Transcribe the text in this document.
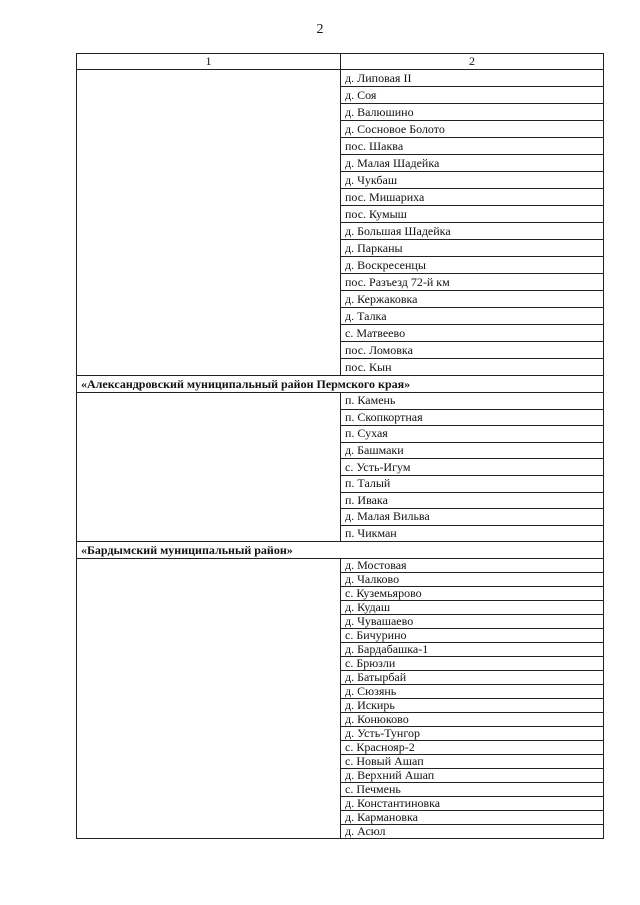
2
1	2
	д. Липовая II
	д. Соя
	д. Валюшино
	д. Сосновое Болото
	пос. Шаква
	д. Малая Шадейка
	д. Чукбаш
	пос. Мишариха
	пос. Кумыш
	д. Большая Шадейка
	д. Парканы
	д. Воскресенцы
	пос. Разъезд 72-й км
	д. Кержаковка
	д. Талка
	с. Матвеево
	пос. Ломовка
	пос. Кын
«Александровский муниципальный район Пермского края»	
	п. Камень
	п. Скопкортная
	п. Сухая
	д. Башмаки
	с. Усть-Игум
	п. Талый
	п. Ивака
	д. Малая Вильва
	п. Чикман
«Бардымский муниципальный район»	
	д. Мостовая
	д. Чалково
	с. Куземьярово
	д. Кудаш
	д. Чувашаево
	с. Бичурино
	д. Бардабашка-1
	с. Брюзли
	д. Батырбай
	д. Сюзянь
	д. Искирь
	д. Конюково
	д. Усть-Тунгор
	с. Краснояр-2
	с. Новый Ашап
	д. Верхний Ашап
	с. Печмень
	д. Константиновка
	д. Кармановка
	д. Асюл
